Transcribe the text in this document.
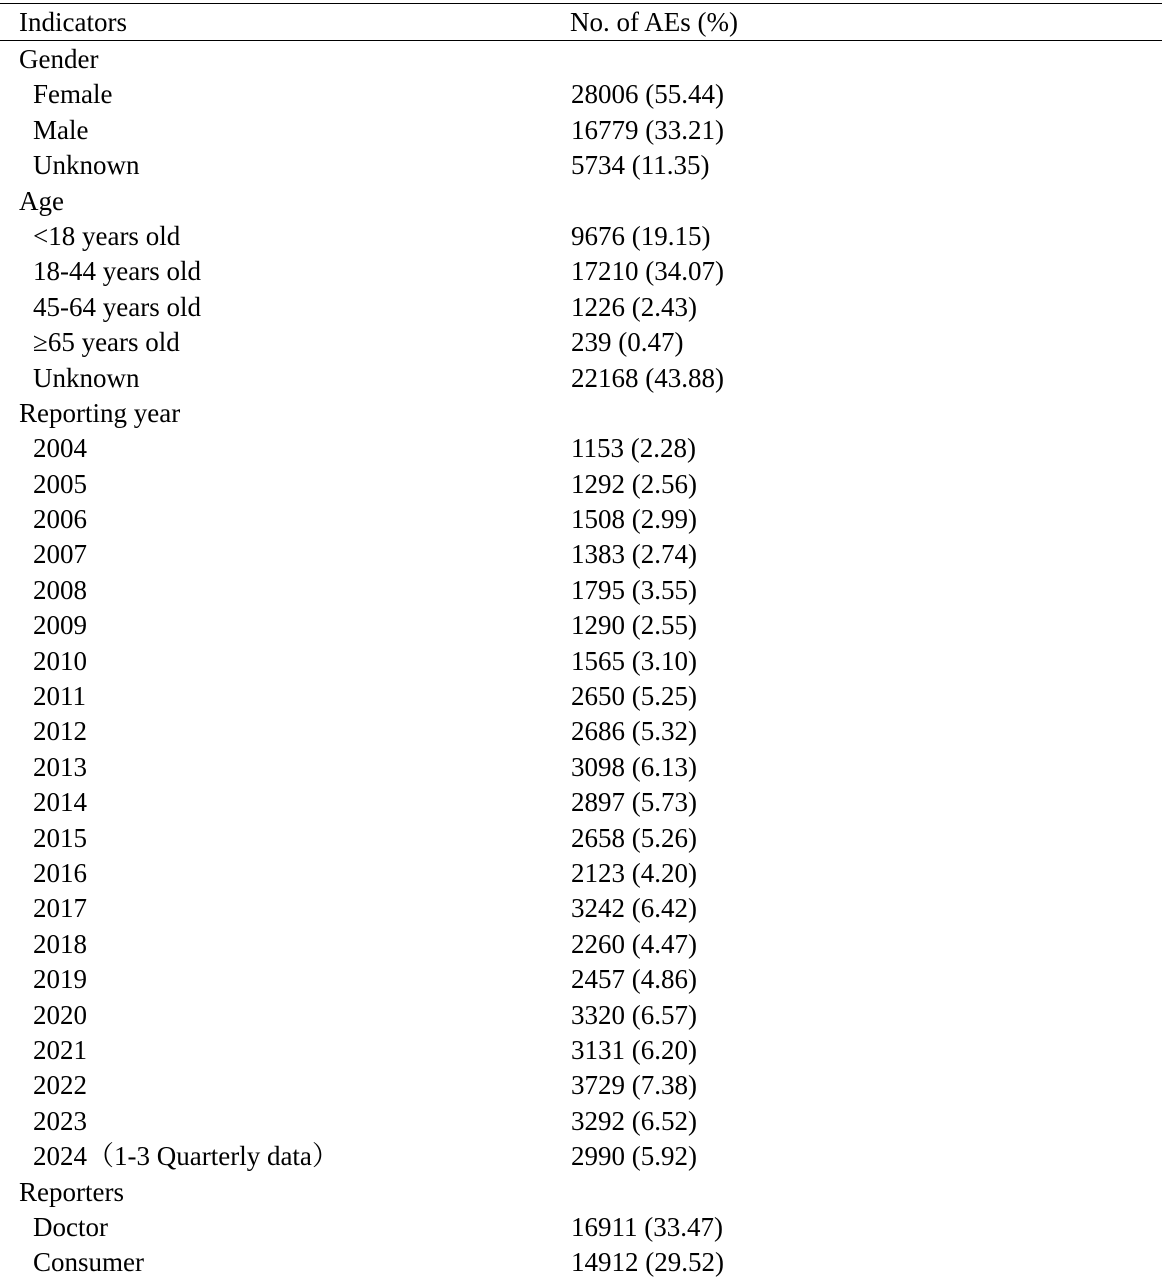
Indicators	No. of AEs (%)
Gender
Female	28006 (55.44)
Male	16779 (33.21)
Unknown	5734 (11.35)
Age
<18 years old	9676 (19.15)
18-44 years old	17210 (34.07)
45-64 years old	1226 (2.43)
≥65 years old	239 (0.47)
Unknown	22168 (43.88)
Reporting year
2004	1153 (2.28)
2005	1292 (2.56)
2006	1508 (2.99)
2007	1383 (2.74)
2008	1795 (3.55)
2009	1290 (2.55)
2010	1565 (3.10)
2011	2650 (5.25)
2012	2686 (5.32)
2013	3098 (6.13)
2014	2897 (5.73)
2015	2658 (5.26)
2016	2123 (4.20)
2017	3242 (6.42)
2018	2260 (4.47)
2019	2457 (4.86)
2020	3320 (6.57)
2021	3131 (6.20)
2022	3729 (7.38)
2023	3292 (6.52)
2024（1-3 Quarterly data）	2990 (5.92)
Reporters
Doctor	16911 (33.47)
Consumer	14912 (29.52)
